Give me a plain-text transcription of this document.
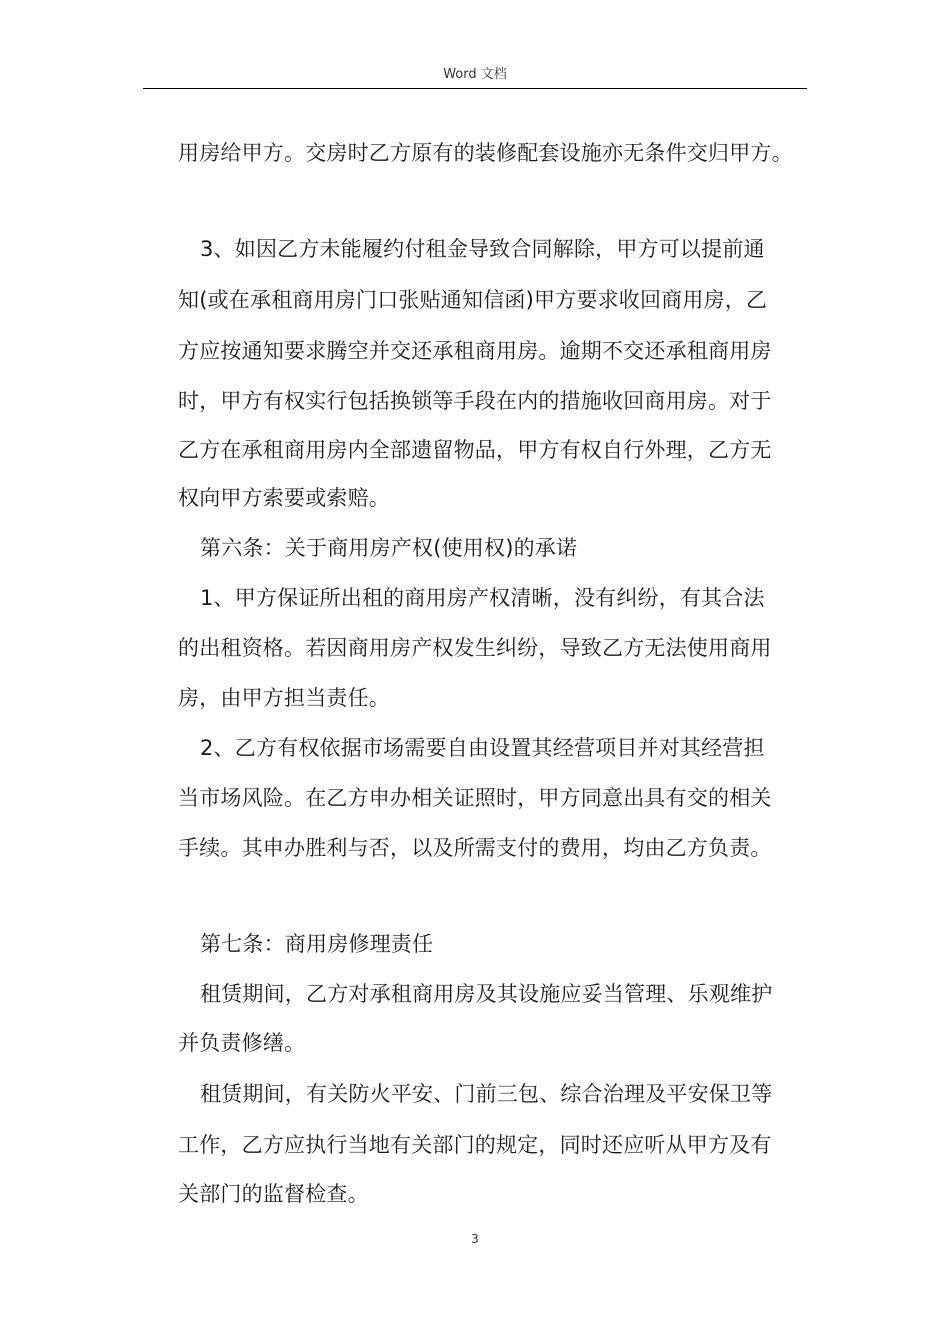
Word 文档
用房给甲方。交房时乙方原有的装修配套设施亦无条件交归甲方。
3、如因乙方未能履约付租金导致合同解除，甲方可以提前通
知(或在承租商用房门口张贴通知信函)甲方要求收回商用房，乙
方应按通知要求腾空并交还承租商用房。逾期不交还承租商用房
时，甲方有权实行包括换锁等手段在内的措施收回商用房。对于
乙方在承租商用房内全部遗留物品，甲方有权自行外理，乙方无
权向甲方索要或索赔。
第六条：关于商用房产权(使用权)的承诺
1、甲方保证所出租的商用房产权清晰，没有纠纷，有其合法
的出租资格。若因商用房产权发生纠纷，导致乙方无法使用商用
房，由甲方担当责任。
2、乙方有权依据市场需要自由设置其经营项目并对其经营担
当市场风险。在乙方申办相关证照时，甲方同意出具有交的相关
手续。其申办胜利与否，以及所需支付的费用，均由乙方负责。
第七条：商用房修理责任
租赁期间，乙方对承租商用房及其设施应妥当管理、乐观维护
并负责修缮。
租赁期间，有关防火平安、门前三包、综合治理及平安保卫等
工作，乙方应执行当地有关部门的规定，同时还应听从甲方及有
关部门的监督检查。
3
